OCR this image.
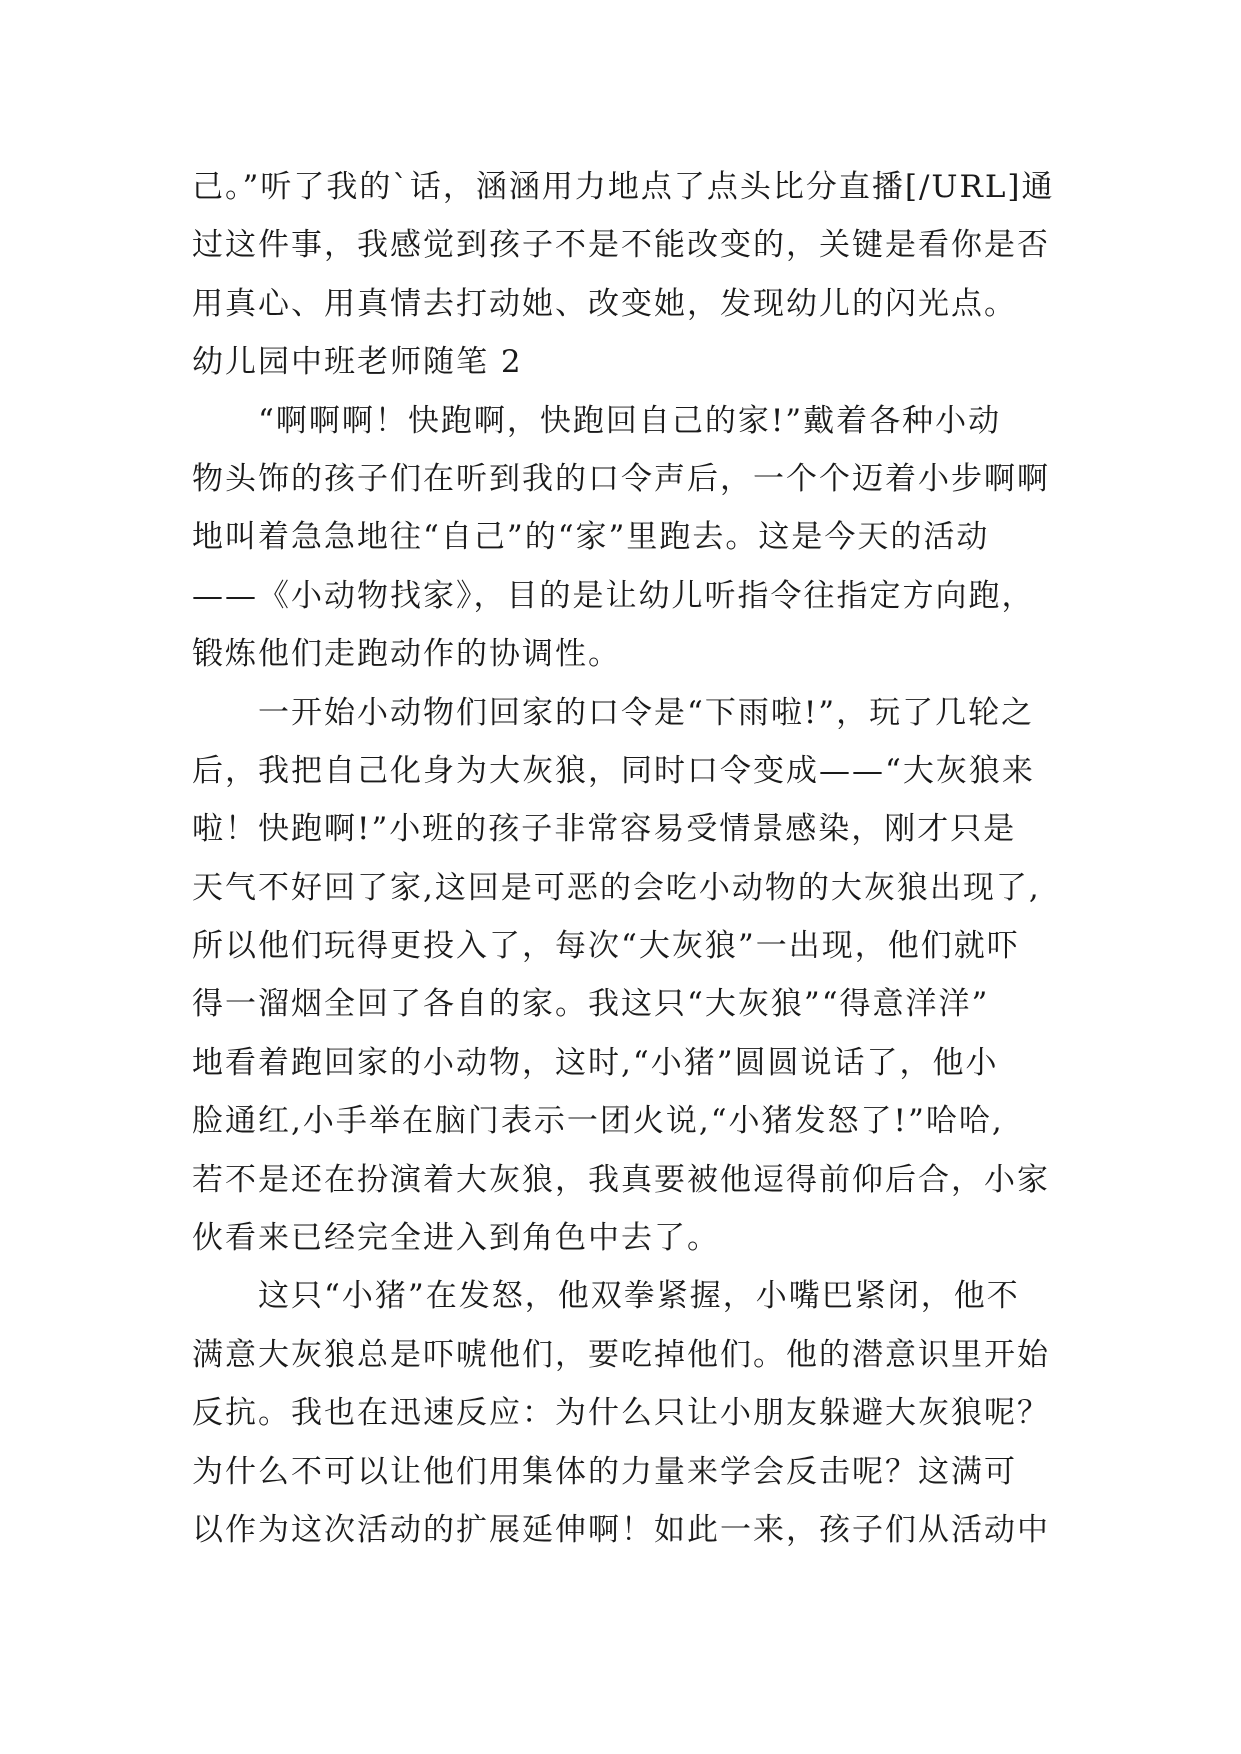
己。”听了我的`话，涵涵用力地点了点头比分直播[/URL]通
过这件事，我感觉到孩子不是不能改变的，关键是看你是否
用真心、用真情去打动她、改变她，发现幼儿的闪光点。
幼儿园中班老师随笔 2
“啊啊啊！快跑啊，快跑回自己的家!”戴着各种小动
物头饰的孩子们在听到我的口令声后，一个个迈着小步啊啊
地叫着急急地往“自己”的“家”里跑去。这是今天的活动
——《小动物找家》，目的是让幼儿听指令往指定方向跑，
锻炼他们走跑动作的协调性。
一开始小动物们回家的口令是“下雨啦!”，玩了几轮之
后，我把自己化身为大灰狼，同时口令变成——“大灰狼来
啦！快跑啊!”小班的孩子非常容易受情景感染，刚才只是
天气不好回了家,这回是可恶的会吃小动物的大灰狼出现了,
所以他们玩得更投入了，每次“大灰狼”一出现，他们就吓
得一溜烟全回了各自的家。我这只“大灰狼”“得意洋洋”
地看着跑回家的小动物，这时,“小猪”圆圆说话了，他小
脸通红,小手举在脑门表示一团火说,“小猪发怒了!”哈哈,
若不是还在扮演着大灰狼，我真要被他逗得前仰后合，小家
伙看来已经完全进入到角色中去了。
这只“小猪”在发怒，他双拳紧握，小嘴巴紧闭，他不
满意大灰狼总是吓唬他们，要吃掉他们。他的潜意识里开始
反抗。我也在迅速反应：为什么只让小朋友躲避大灰狼呢？
为什么不可以让他们用集体的力量来学会反击呢？这满可
以作为这次活动的扩展延伸啊！如此一来，孩子们从活动中
